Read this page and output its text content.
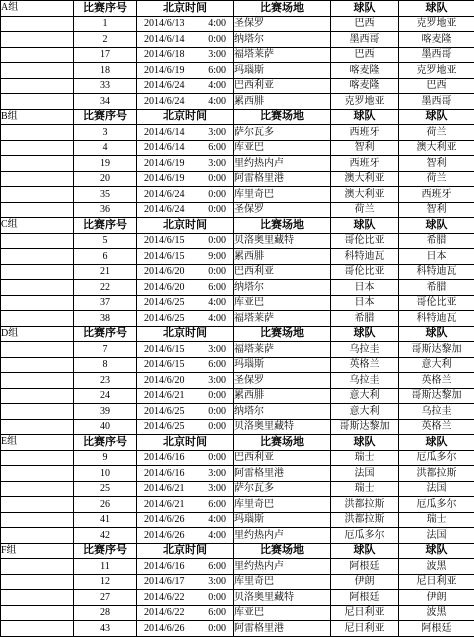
A组	比赛序号	北京时间	比赛场地	球队	球队
	1	2014/6/13 4:00	圣保罗	巴西	克罗地亚
	2	2014/6/14 0:00	纳塔尔	墨西哥	喀麦隆
	17	2014/6/18 3:00	福塔莱萨	巴西	墨西哥
	18	2014/6/19 6:00	玛瑙斯	喀麦隆	克罗地亚
	33	2014/6/24 4:00	巴西利亚	喀麦隆	巴西
	34	2014/6/24 4:00	累西腓	克罗地亚	墨西哥
B组	比赛序号	北京时间	比赛场地	球队	球队
	3	2014/6/14 3:00	萨尔瓦多	西班牙	荷兰
	4	2014/6/14 6:00	库亚巴	智利	澳大利亚
	19	2014/6/19 3:00	里约热内卢	西班牙	智利
	20	2014/6/19 0:00	阿雷格里港	澳大利亚	荷兰
	35	2014/6/24 0:00	库里奇巴	澳大利亚	西班牙
	36	2014/6/24 0:00	圣保罗	荷兰	智利
C组	比赛序号	北京时间	比赛场地	球队	球队
	5	2014/6/15 0:00	贝洛奥里藏特	哥伦比亚	希腊
	6	2014/6/15 9:00	累西腓	科特迪瓦	日本
	21	2014/6/20 0:00	巴西利亚	哥伦比亚	科特迪瓦
	22	2014/6/20 6:00	纳塔尔	日本	希腊
	37	2014/6/25 4:00	库亚巴	日本	哥伦比亚
	38	2014/6/25 4:00	福塔莱萨	希腊	科特迪瓦
D组	比赛序号	北京时间	比赛场地	球队	球队
	7	2014/6/15 3:00	福塔莱萨	乌拉圭	哥斯达黎加
	8	2014/6/15 6:00	玛瑙斯	英格兰	意大利
	23	2014/6/20 3:00	圣保罗	乌拉圭	英格兰
	24	2014/6/21 0:00	累西腓	意大利	哥斯达黎加
	39	2014/6/25 0:00	纳塔尔	意大利	乌拉圭
	40	2014/6/25 0:00	贝洛奥里藏特	哥斯达黎加	英格兰
E组	比赛序号	北京时间	比赛场地	球队	球队
	9	2014/6/16 0:00	巴西利亚	瑞士	厄瓜多尔
	10	2014/6/16 3:00	阿雷格里港	法国	洪都拉斯
	25	2014/6/21 3:00	萨尔瓦多	瑞士	法国
	26	2014/6/21 6:00	库里奇巴	洪都拉斯	厄瓜多尔
	41	2014/6/26 4:00	玛瑙斯	洪都拉斯	瑞士
	42	2014/6/26 4:00	里约热内卢	厄瓜多尔	法国
F组	比赛序号	北京时间	比赛场地	球队	球队
	11	2014/6/16 6:00	里约热内卢	阿根廷	波黑
	12	2014/6/17 3:00	库里奇巴	伊朗	尼日利亚
	27	2014/6/22 0:00	贝洛奥里藏特	阿根廷	伊朗
	28	2014/6/22 6:00	库亚巴	尼日利亚	波黑
	43	2014/6/26 0:00	阿雷格里港	尼日利亚	阿根廷
